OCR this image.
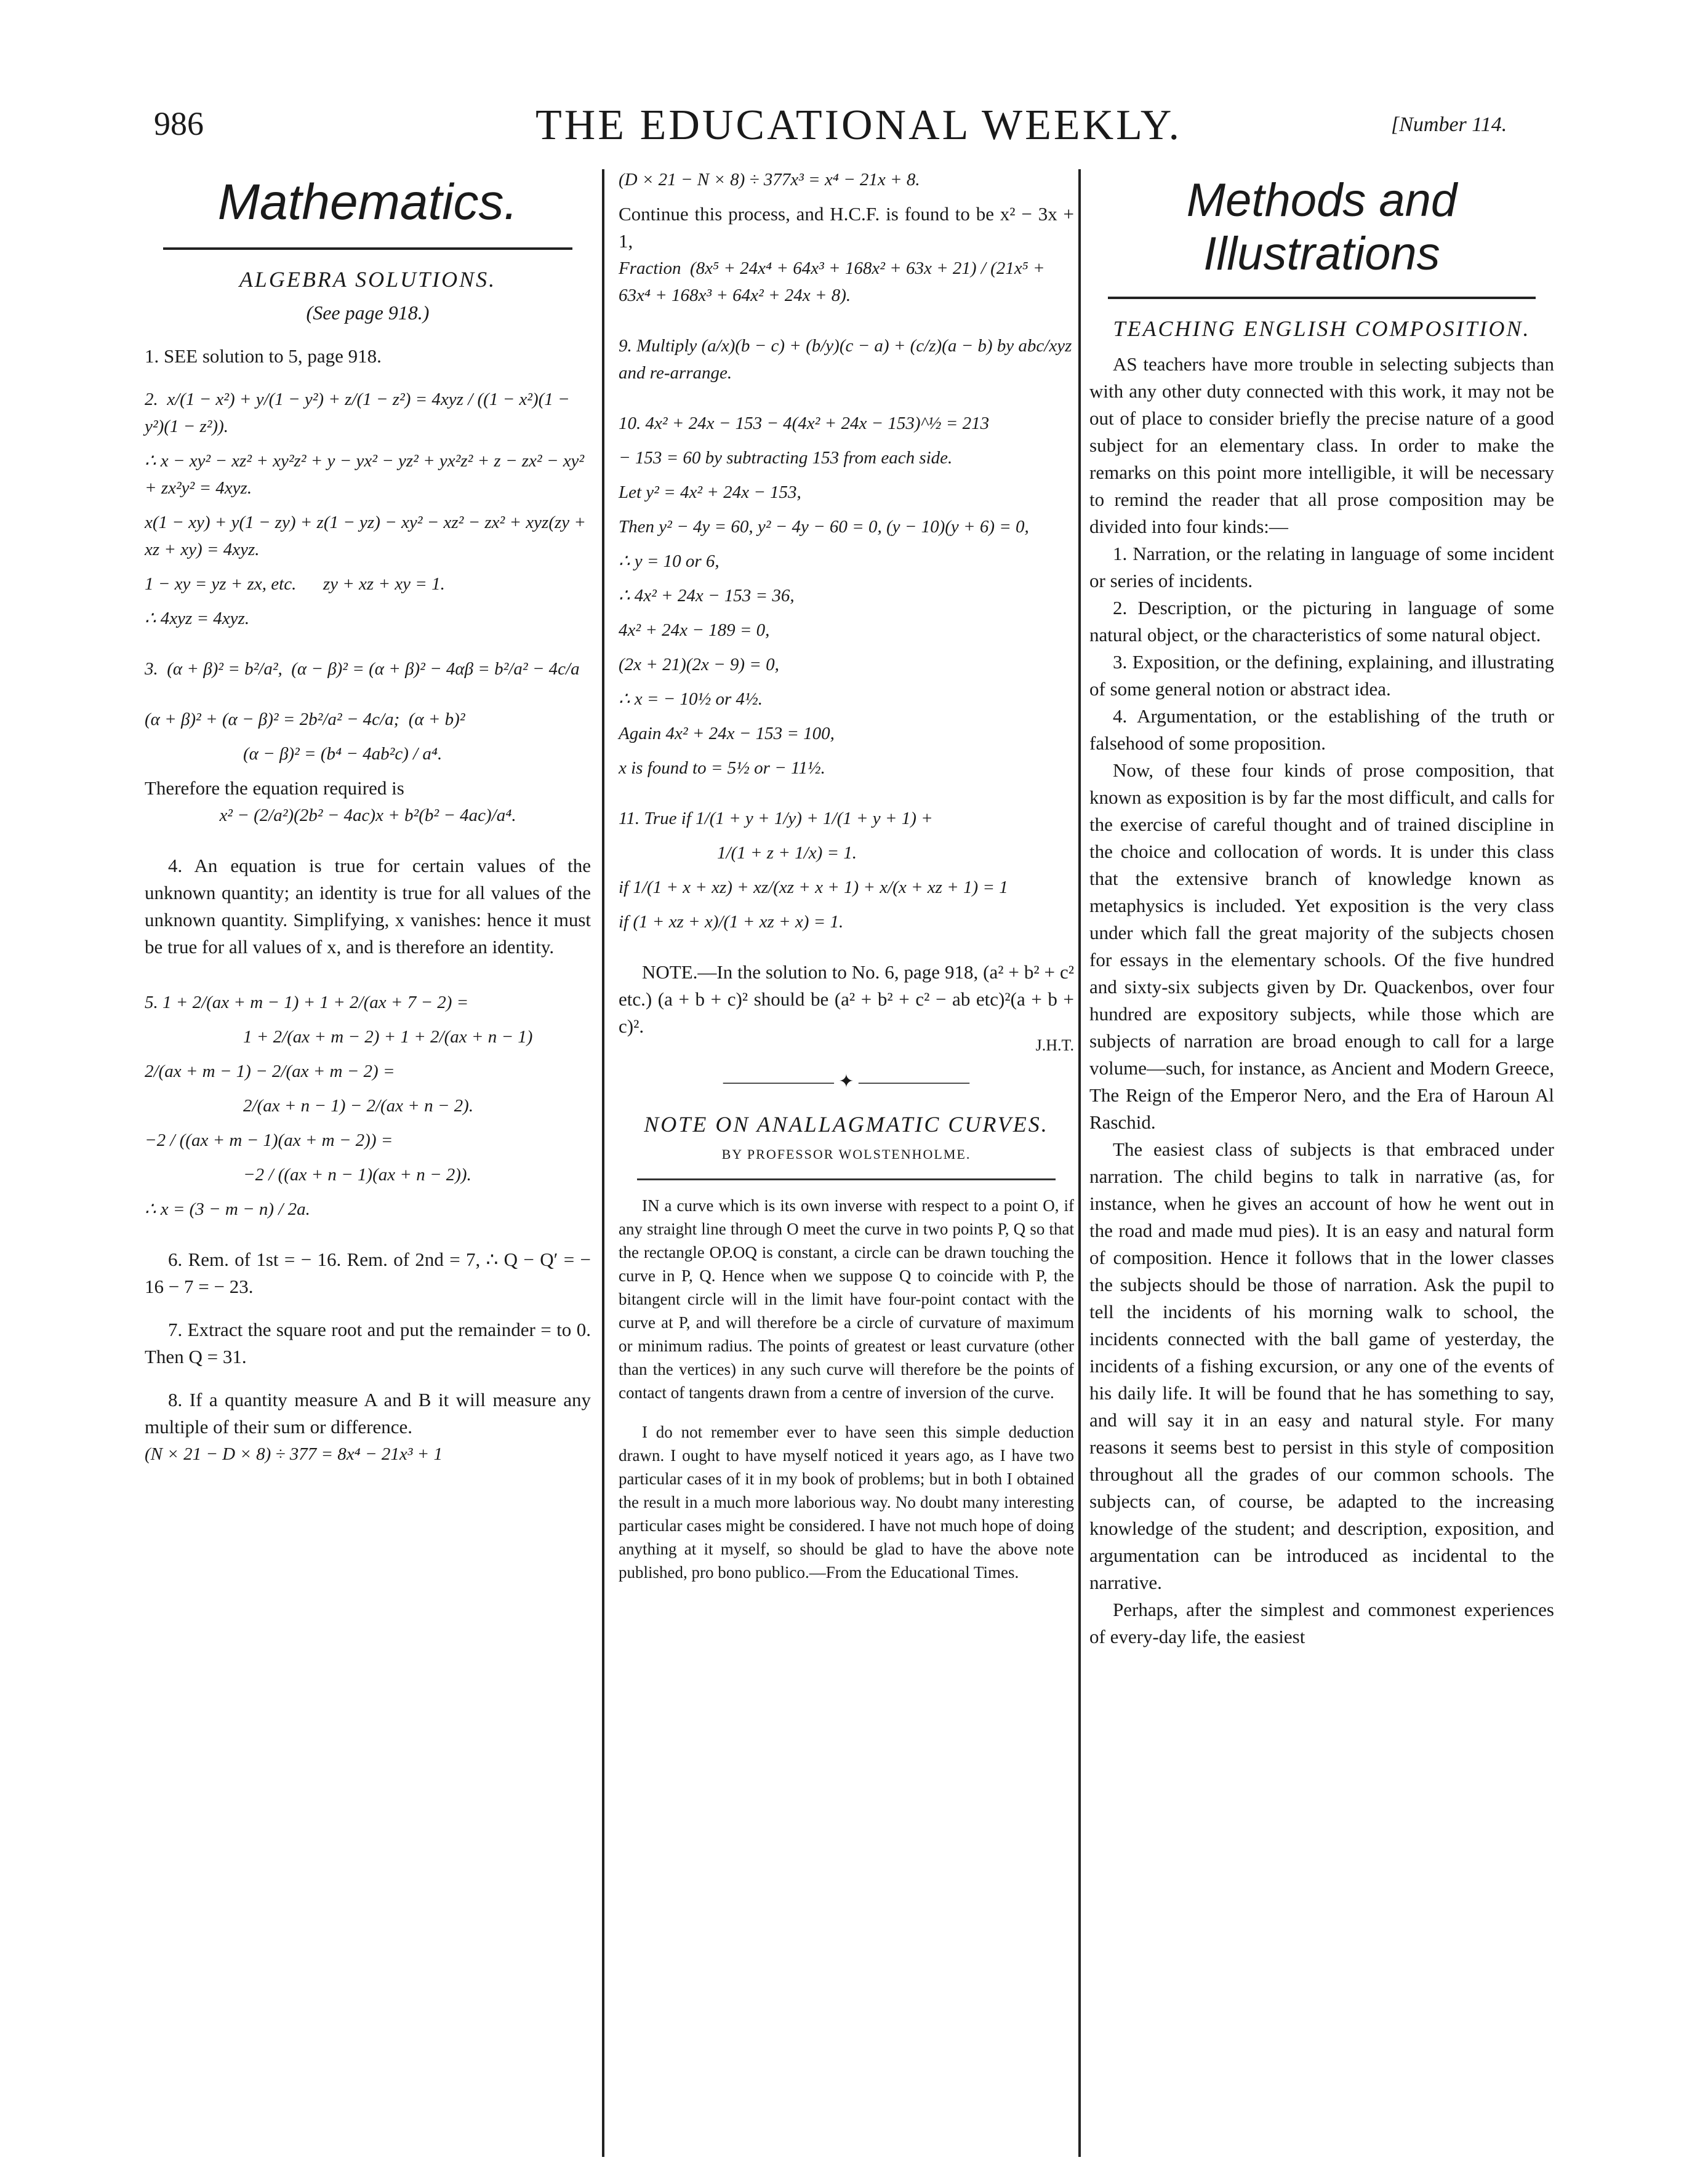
986	THE EDUCATIONAL WEEKLY.	[Number 114.
Mathematics.
ALGEBRA SOLUTIONS.
(See page 918.)
1. SEE solution to 5, page 918.
2.  x/(1 − x²) + y/(1 − y²) + z/(1 − z²) = 4xyz / ((1 − x²)(1 − y²)(1 − z²)).
∴ x − xy² − xz² + xy²z² + y − yx² − yz² + yx²z² + z − zx² − xy² + zx²y² = 4xyz.
x(1 − xy) + y(1 − zy) + z(1 − yz) − xy² − xz² − zx² + xyz(zy + xz + xy) = 4xyz.
1 − xy = yz + zx, etc.      zy + xz + xy = 1.
∴ 4xyz = 4xyz.
3.  (α + β)² = b²/a²,  (α − β)² = (α + β)² − 4αβ = b²/a² − 4c/a
(α + β)² + (α − β)² = 2b²/a² − 4c/a;  (α + b)²
(α − β)² = (b⁴ − 4ab²c) / a⁴.
Therefore the equation required is
x² − (2/a²)(2b² − 4ac)x + b²(b² − 4ac)/a⁴.
4. An equation is true for certain values of the unknown quantity; an identity is true for all values of the unknown quantity. Simplifying, x vanishes: hence it must be true for all values of x, and is therefore an identity.
5. 1 + 2/(ax + m − 1) + 1 + 2/(ax + 7 − 2) =
1 + 2/(ax + m − 2) + 1 + 2/(ax + n − 1)
2/(ax + m − 1) − 2/(ax + m − 2) =
2/(ax + n − 1) − 2/(ax + n − 2).
−2 / ((ax + m − 1)(ax + m − 2)) =
−2 / ((ax + n − 1)(ax + n − 2)).
∴ x = (3 − m − n) / 2a.
6. Rem. of 1st = − 16. Rem. of 2nd = 7, ∴ Q − Q′ = − 16 − 7 = − 23.
7. Extract the square root and put the remainder = to 0. Then Q = 31.
8. If a quantity measure A and B it will measure any multiple of their sum or difference.
(N × 21 − D × 8) ÷ 377 = 8x⁴ − 21x³ + 1
(D × 21 − N × 8) ÷ 377x³ = x⁴ − 21x + 8.
Continue this process, and H.C.F. is found to be x² − 3x + 1,
Fraction  (8x⁵ + 24x⁴ + 64x³ + 168x² + 63x + 21) / (21x⁵ + 63x⁴ + 168x³ + 64x² + 24x + 8).
9. Multiply (a/x)(b − c) + (b/y)(c − a) + (c/z)(a − b) by abc/xyz and re-arrange.
10. 4x² + 24x − 153 − 4(4x² + 24x − 153)^½ = 213
− 153 = 60 by subtracting 153 from each side.
Let y² = 4x² + 24x − 153,
Then y² − 4y = 60, y² − 4y − 60 = 0, (y − 10)(y + 6) = 0,
∴ y = 10 or 6,
∴ 4x² + 24x − 153 = 36,
4x² + 24x − 189 = 0,
(2x + 21)(2x − 9) = 0,
∴ x = − 10½ or 4½.
Again 4x² + 24x − 153 = 100,
x is found to = 5½ or − 11½.
11. True if 1/(1 + y + 1/y) + 1/(1 + y + 1) +
1/(1 + z + 1/x) = 1.
if 1/(1 + x + xz) + xz/(xz + x + 1) + x/(x + xz + 1) = 1
if (1 + xz + x)/(1 + xz + x) = 1.
NOTE.—In the solution to No. 6, page 918, (a² + b² + c² etc.) (a + b + c)² should be (a² + b² + c² − ab etc)²(a + b + c)².
J.H.T.
—————— ✦ ——————
NOTE ON ANALLAGMATIC CURVES.
BY PROFESSOR WOLSTENHOLME.
IN a curve which is its own inverse with respect to a point O, if any straight line through O meet the curve in two points P, Q so that the rectangle OP.OQ is constant, a circle can be drawn touching the curve in P, Q. Hence when we suppose Q to coincide with P, the bitangent circle will in the limit have four-point contact with the curve at P, and will therefore be a circle of curvature of maximum or minimum radius. The points of greatest or least curvature (other than the vertices) in any such curve will therefore be the points of contact of tangents drawn from a centre of inversion of the curve.
I do not remember ever to have seen this simple deduction drawn. I ought to have myself noticed it years ago, as I have two particular cases of it in my book of problems; but in both I obtained the result in a much more laborious way. No doubt many interesting particular cases might be considered. I have not much hope of doing anything at it myself, so should be glad to have the above note published, pro bono publico.—From the Educational Times.
Methods and Illustrations
TEACHING ENGLISH COMPOSITION.
AS teachers have more trouble in selecting subjects than with any other duty connected with this work, it may not be out of place to consider briefly the precise nature of a good subject for an elementary class. In order to make the remarks on this point more intelligible, it will be necessary to remind the reader that all prose composition may be divided into four kinds:—
1. Narration, or the relating in language of some incident or series of incidents.
2. Description, or the picturing in language of some natural object, or the characteristics of some natural object.
3. Exposition, or the defining, explaining, and illustrating of some general notion or abstract idea.
4. Argumentation, or the establishing of the truth or falsehood of some proposition.
Now, of these four kinds of prose composition, that known as exposition is by far the most difficult, and calls for the exercise of careful thought and of trained discipline in the choice and collocation of words. It is under this class that the extensive branch of knowledge known as metaphysics is included. Yet exposition is the very class under which fall the great majority of the subjects chosen for essays in the elementary schools. Of the five hundred and sixty-six subjects given by Dr. Quackenbos, over four hundred are expository subjects, while those which are subjects of narration are broad enough to call for a large volume—such, for instance, as Ancient and Modern Greece, The Reign of the Emperor Nero, and the Era of Haroun Al Raschid.
The easiest class of subjects is that embraced under narration. The child begins to talk in narrative (as, for instance, when he gives an account of how he went out in the road and made mud pies). It is an easy and natural form of composition. Hence it follows that in the lower classes the subjects should be those of narration. Ask the pupil to tell the incidents of his morning walk to school, the incidents connected with the ball game of yesterday, the incidents of a fishing excursion, or any one of the events of his daily life. It will be found that he has something to say, and will say it in an easy and natural style. For many reasons it seems best to persist in this style of composition throughout all the grades of our common schools. The subjects can, of course, be adapted to the increasing knowledge of the student; and description, exposition, and argumentation can be introduced as incidental to the narrative.
Perhaps, after the simplest and commonest experiences of every-day life, the easiest
